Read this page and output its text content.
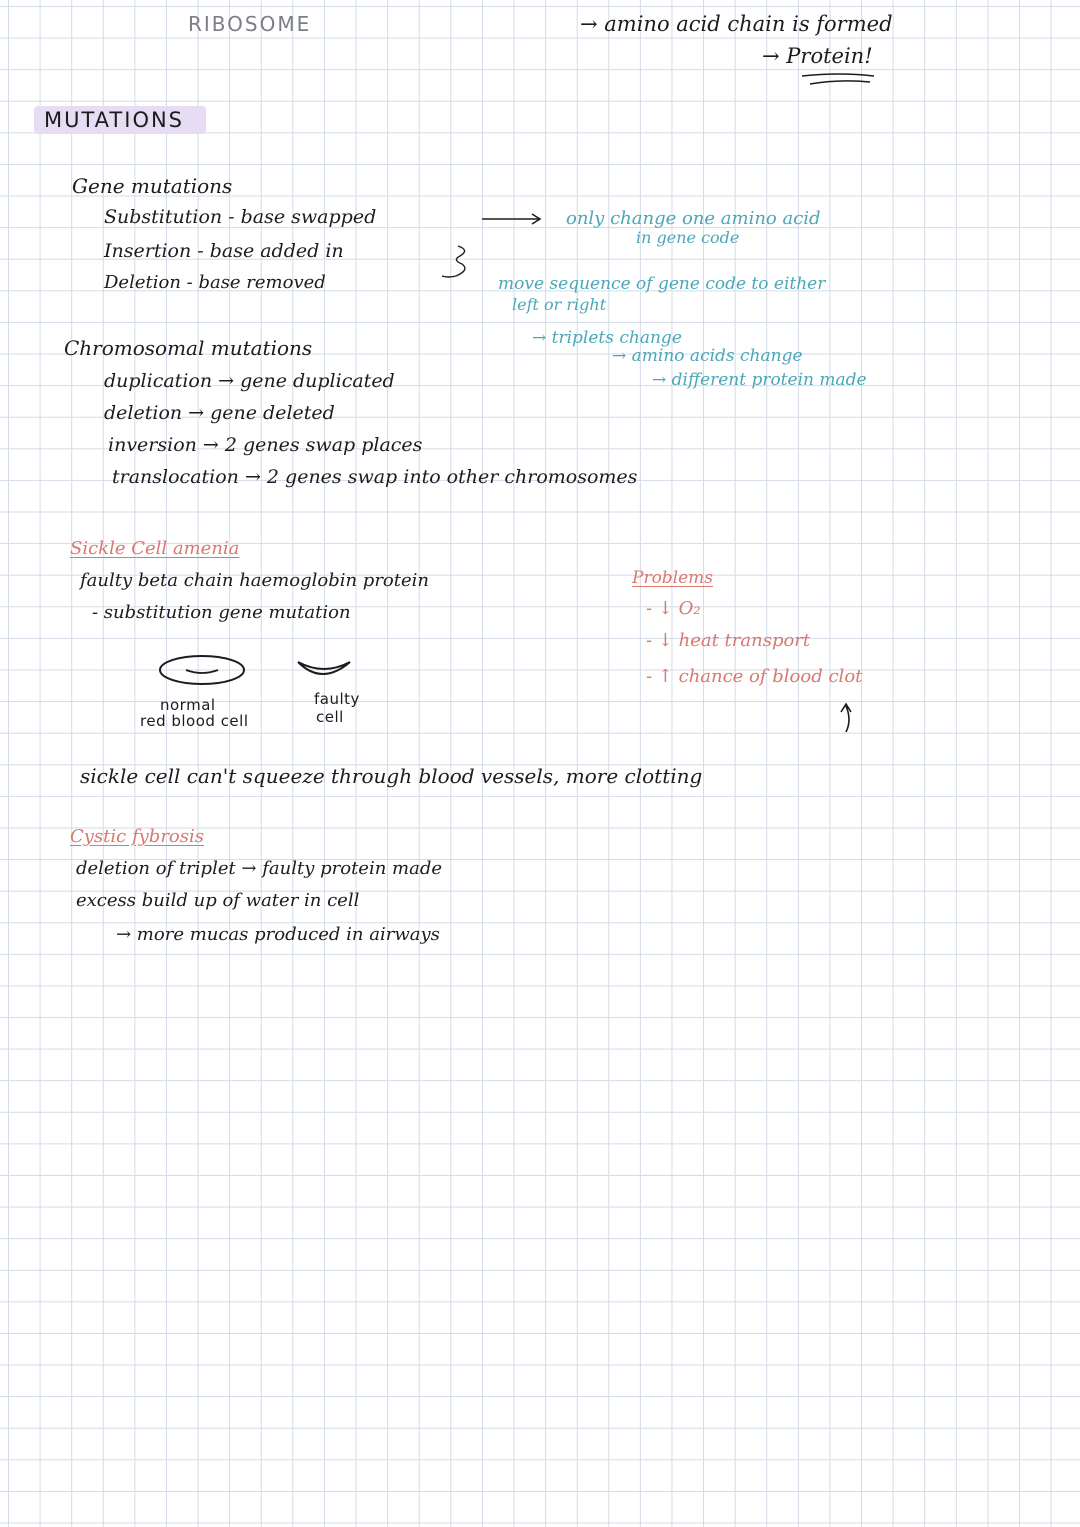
RIBOSOME	→ amino acid chain is formed
→ Protein!
MUTATIONS
Gene mutations
Substitution - base swapped
Insertion - base added in
Deletion - base removed
only change one amino acid
in gene code
move sequence of gene code to either
left or right
→ triplets change
→ amino acids change
→ different protein made
Chromosomal mutations
duplication → gene duplicated
deletion → gene deleted
inversion → 2 genes swap places
translocation → 2 genes swap into other chromosomes
Sickle Cell amenia
faulty beta chain haemoglobin protein
- substitution gene mutation
normal
red blood cell
faulty
cell
Problems
- ↓ O₂
- ↓ heat transport
- ↑ chance of blood clot
sickle cell can't squeeze through blood vessels, more clotting
Cystic fybrosis
deletion of triplet → faulty protein made
excess build up of water in cell
→ more mucas produced in airways
